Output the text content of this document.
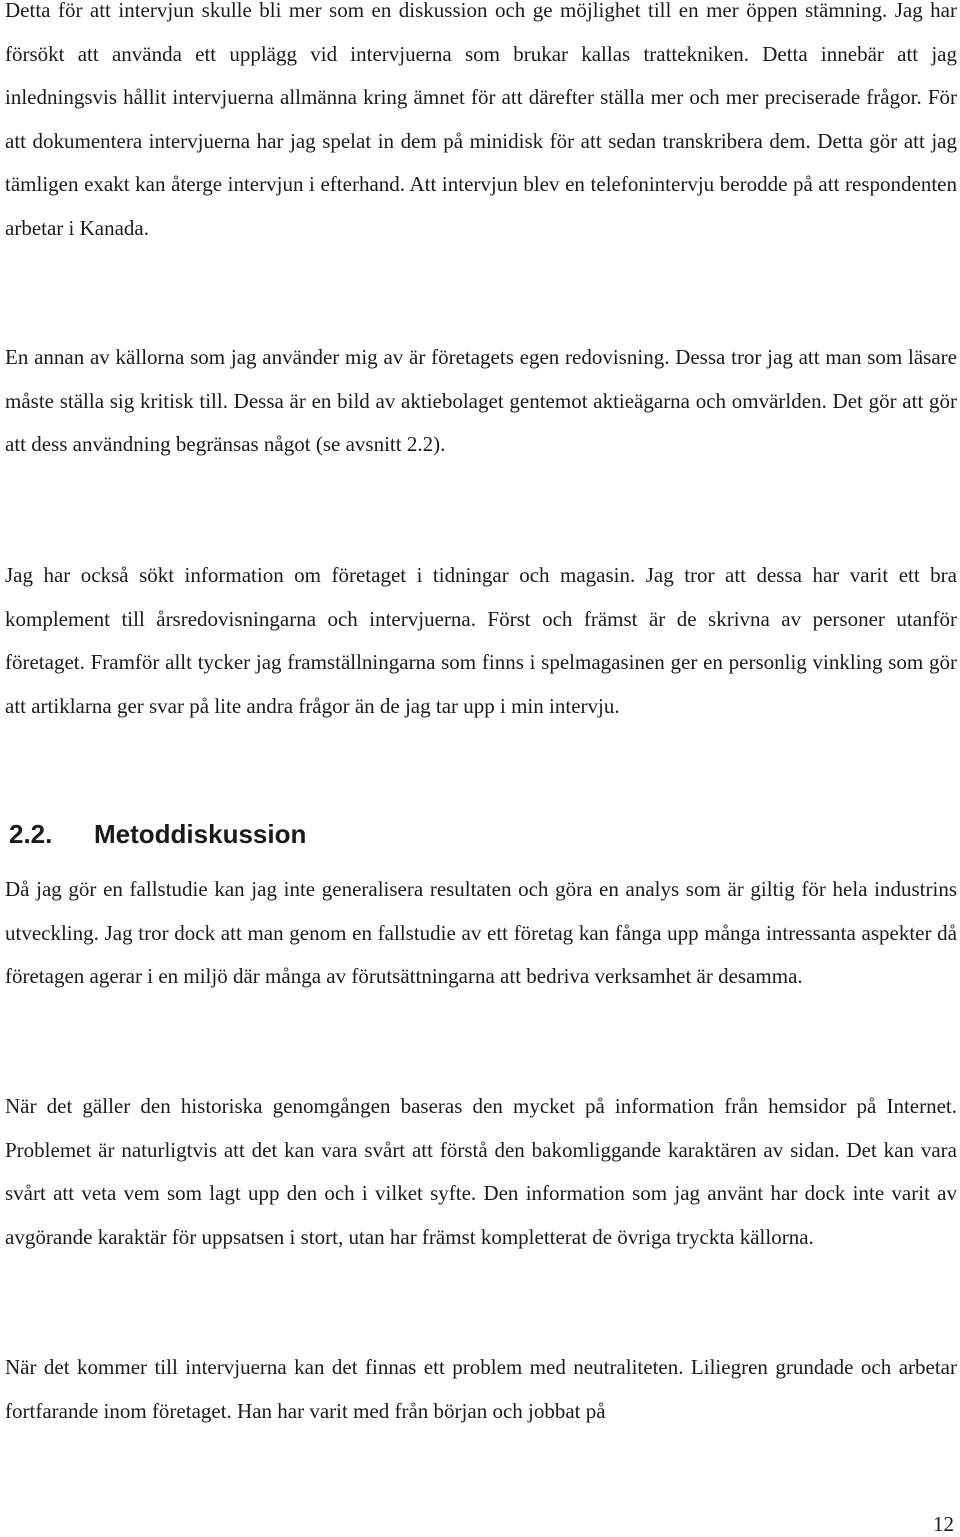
Detta för att intervjun skulle bli mer som en diskussion och ge möjlighet till en mer öppen stämning. Jag har försökt att använda ett upplägg vid intervjuerna som brukar kallas trattekniken. Detta innebär att jag inledningsvis hållit intervjuerna allmänna kring ämnet för att därefter ställa mer och mer preciserade frågor. För att dokumentera intervjuerna har jag spelat in dem på minidisk för att sedan transkribera dem. Detta gör att jag tämligen exakt kan återge intervjun i efterhand. Att intervjun blev en telefonintervju berodde på att respondenten arbetar i Kanada.

En annan av källorna som jag använder mig av är företagets egen redovisning. Dessa tror jag att man som läsare måste ställa sig kritisk till. Dessa är en bild av aktiebolaget gentemot aktieägarna och omvärlden. Det gör att gör att dess användning begränsas något (se avsnitt 2.2).

Jag har också sökt information om företaget i tidningar och magasin. Jag tror att dessa har varit ett bra komplement till årsredovisningarna och intervjuerna. Först och främst är de skrivna av personer utanför företaget. Framför allt tycker jag framställningarna som finns i spelmagasinen ger en personlig vinkling som gör att artiklarna ger svar på lite andra frågor än de jag tar upp i min intervju.

2.2. Metoddiskussion

Då jag gör en fallstudie kan jag inte generalisera resultaten och göra en analys som är giltig för hela industrins utveckling. Jag tror dock att man genom en fallstudie av ett företag kan fånga upp många intressanta aspekter då företagen agerar i en miljö där många av förutsättningarna att bedriva verksamhet är desamma.

När det gäller den historiska genomgången baseras den mycket på information från hemsidor på Internet. Problemet är naturligtvis att det kan vara svårt att förstå den bakomliggande karaktären av sidan. Det kan vara svårt att veta vem som lagt upp den och i vilket syfte. Den information som jag använt har dock inte varit av avgörande karaktär för uppsatsen i stort, utan har främst kompletterat de övriga tryckta källorna.

När det kommer till intervjuerna kan det finnas ett problem med neutraliteten. Liliegren grundade och arbetar fortfarande inom företaget. Han har varit med från början och jobbat på

12
